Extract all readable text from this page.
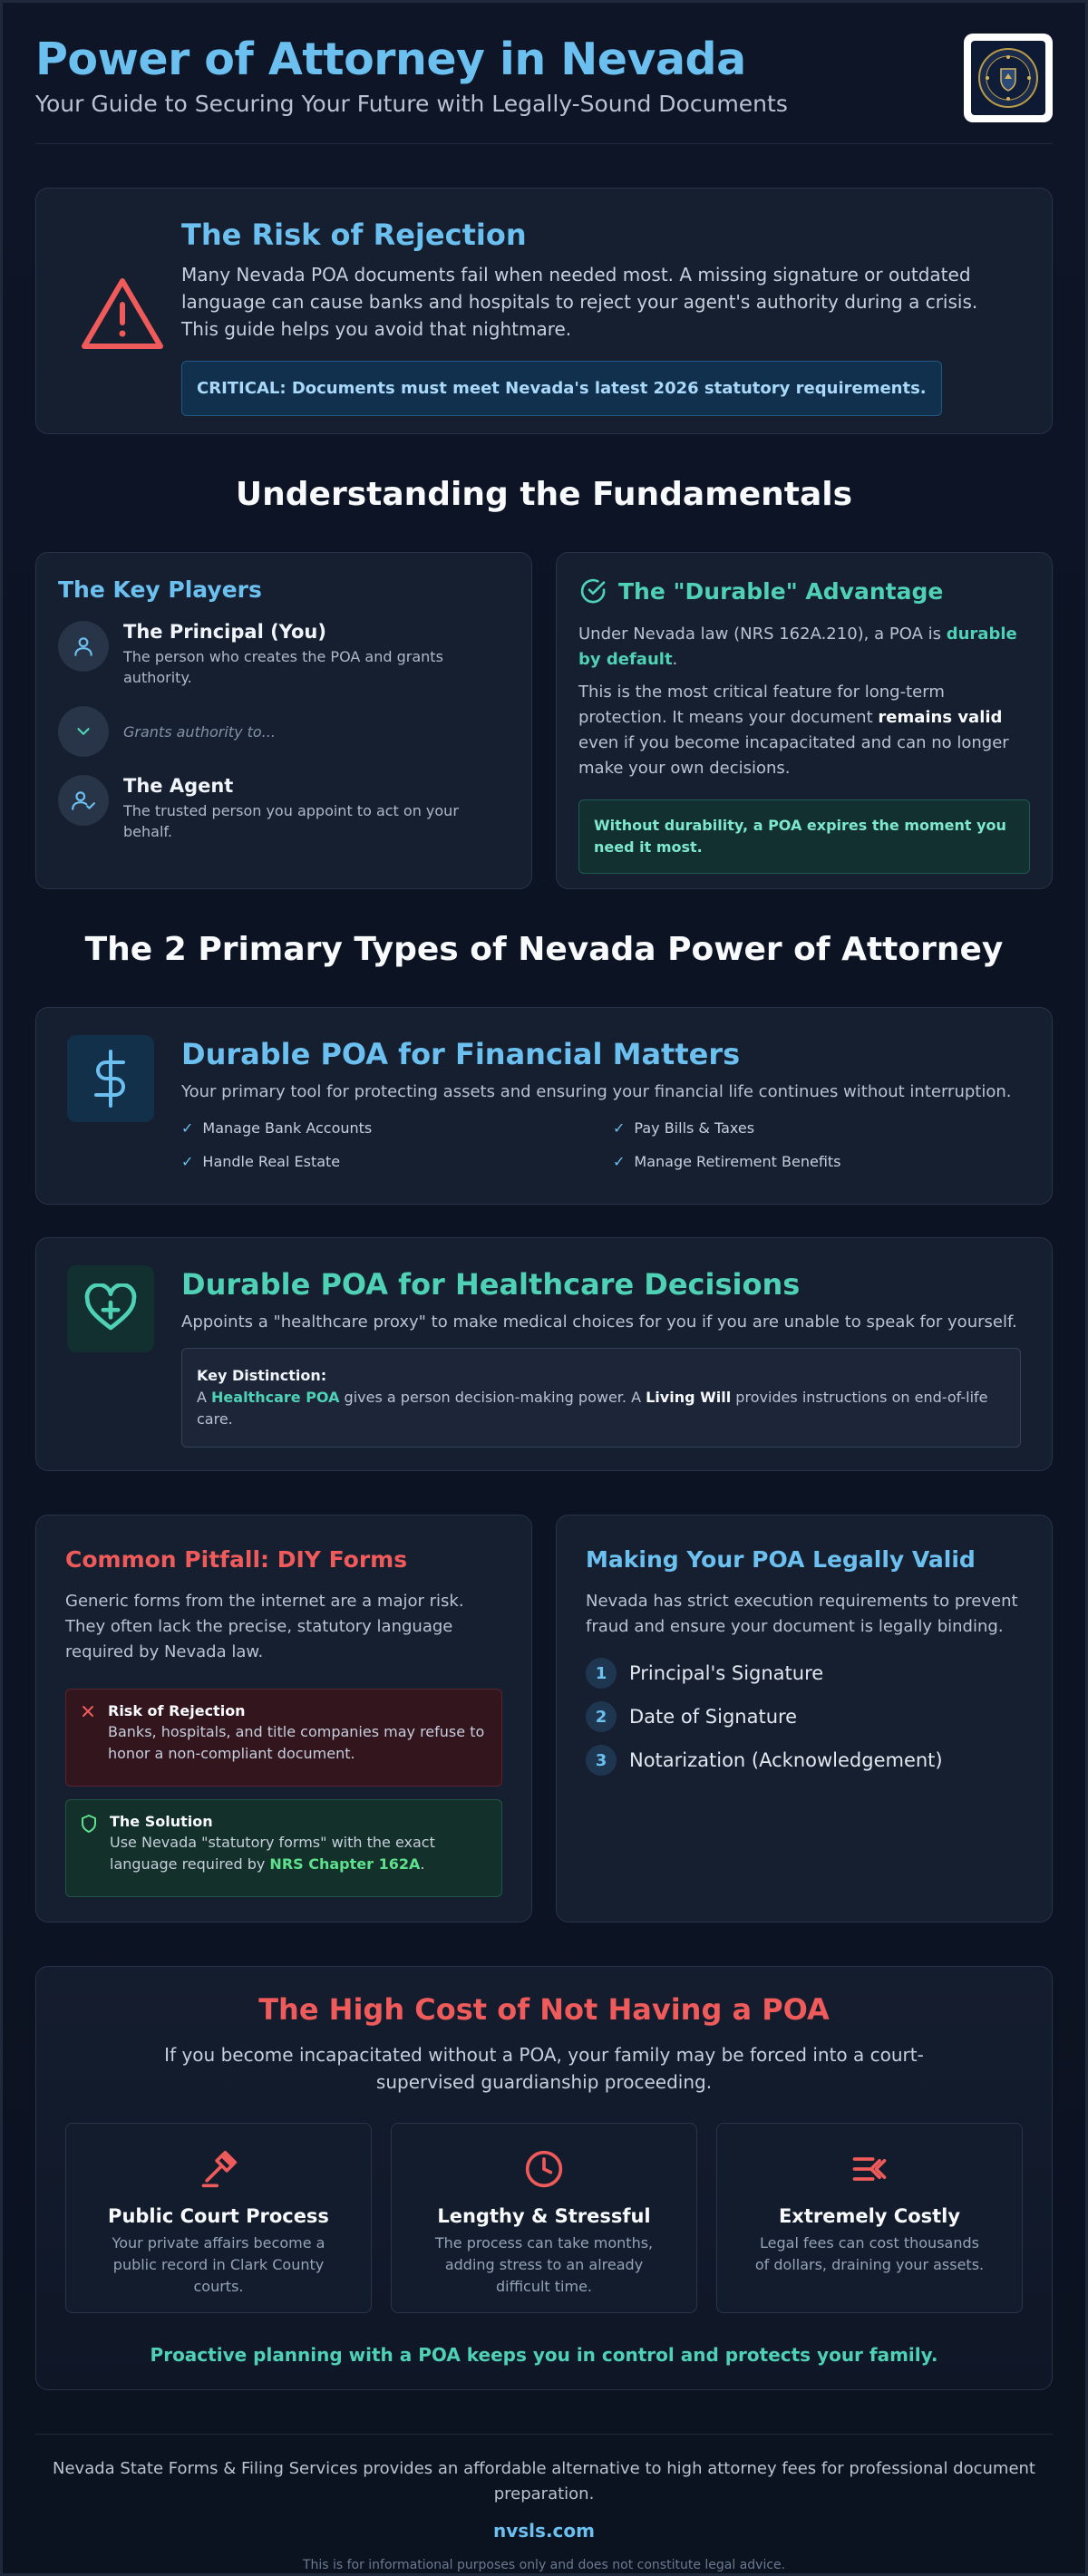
Power of Attorney in Nevada
Your Guide to Securing Your Future with Legally-Sound Documents
The Risk of Rejection

Many Nevada POA documents fail when needed most. A missing signature or outdated language can cause banks and hospitals to reject your agent's authority during a crisis. This guide helps you avoid that nightmare.

CRITICAL: Documents must meet Nevada's latest 2026 statutory requirements.
Understanding the Fundamentals
The Key Players
The Principal (You)
The person who creates the POA and grants authority.
Grants authority to...
The Agent
The trusted person you appoint to act on your behalf.
The "Durable" Advantage

Under Nevada law (NRS 162A.210), a POA is durable by default.

This is the most critical feature for long-term protection. It means your document remains valid even if you become incapacitated and can no longer make your own decisions.

Without durability, a POA expires the moment you need it most.
The 2 Primary Types of Nevada Power of Attorney
Durable POA for Financial Matters
Your primary tool for protecting assets and ensuring your financial life continues without interruption.
✓ Manage Bank Accounts	✓ Pay Bills & Taxes
✓ Handle Real Estate	✓ Manage Retirement Benefits
Durable POA for Healthcare Decisions
Appoints a "healthcare proxy" to make medical choices for you if you are unable to speak for yourself.
Key Distinction:
A Healthcare POA gives a person decision-making power. A Living Will provides instructions on end-of-life care.
Common Pitfall: DIY Forms

Generic forms from the internet are a major risk. They often lack the precise, statutory language required by Nevada law.

Risk of Rejection
Banks, hospitals, and title companies may refuse to honor a non-compliant document.
The Solution
Use Nevada "statutory forms" with the exact language required by NRS Chapter 162A.
Making Your POA Legally Valid

Nevada has strict execution requirements to prevent fraud and ensure your document is legally binding.

1	Principal's Signature
2	Date of Signature
3	Notarization (Acknowledgement)
The High Cost of Not Having a POA
If you become incapacitated without a POA, your family may be forced into a court-supervised guardianship proceeding.
Public Court Process
Your private affairs become a public record in Clark County courts.
Lengthy & Stressful
The process can take months, adding stress to an already difficult time.
Extremely Costly
Legal fees can cost thousands of dollars, draining your assets.
Proactive planning with a POA keeps you in control and protects your family.
Nevada State Forms & Filing Services provides an affordable alternative to high attorney fees for professional document preparation.
nvsls.com
This is for informational purposes only and does not constitute legal advice.
